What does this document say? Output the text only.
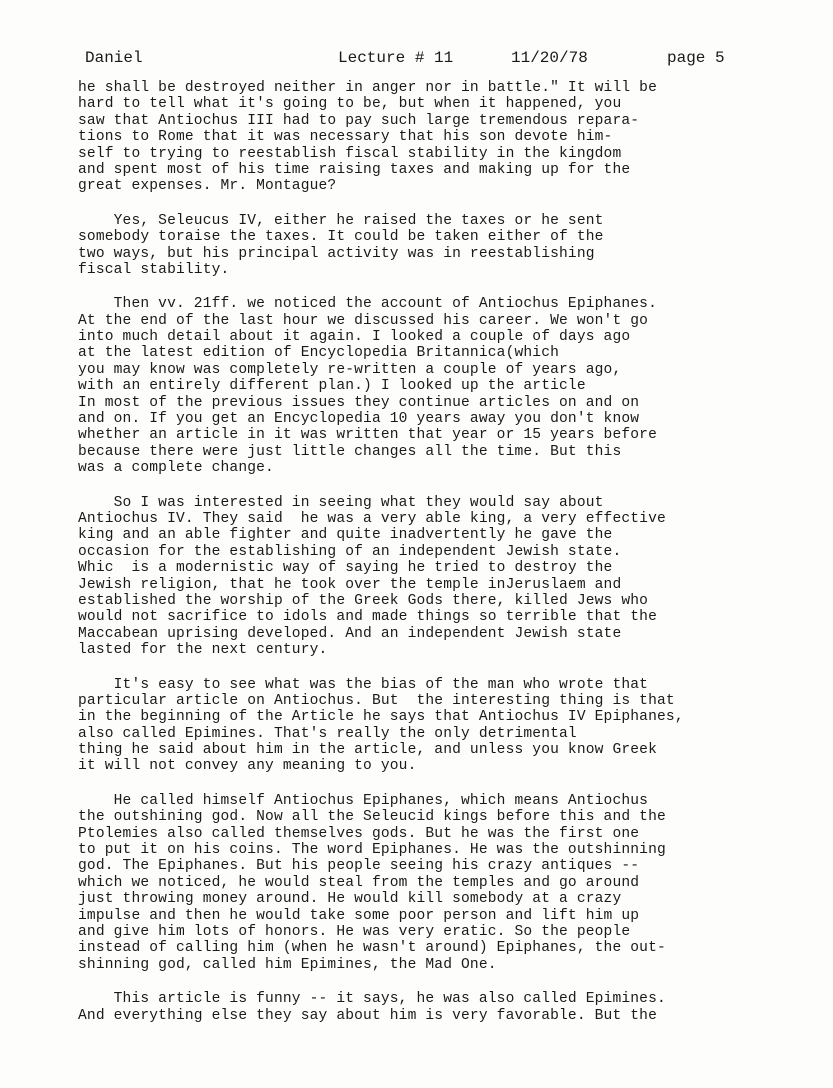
Daniel	Lecture # 11	11/20/78	page 5
he shall be destroyed neither in anger nor in battle." It will be
hard to tell what it's going to be, but when it happened, you
saw that Antiochus III had to pay such large tremendous repara-
tions to Rome that it was necessary that his son devote him-
self to trying to reestablish fiscal stability in the kingdom
and spent most of his time raising taxes and making up for the
great expenses. Mr. Montague?
Yes, Seleucus IV, either he raised the taxes or he sent
somebody toraise the taxes. It could be taken either of the
two ways, but his principal activity was in reestablishing
fiscal stability.
Then vv. 21ff. we noticed the account of Antiochus Epiphanes.
At the end of the last hour we discussed his career. We won't go
into much detail about it again. I looked a couple of days ago
at the latest edition of Encyclopedia Britannica(which
you may know was completely re-written a couple of years ago,
with an entirely different plan.) I looked up the article
In most of the previous issues they continue articles on and on
and on. If you get an Encyclopedia 10 years away you don't know
whether an article in it was written that year or 15 years before
because there were just little changes all the time. But this
was a complete change.
So I was interested in seeing what they would say about
Antiochus IV. They said  he was a very able king, a very effective
king and an able fighter and quite inadvertently he gave the
occasion for the establishing of an independent Jewish state.
Whic  is a modernistic way of saying he tried to destroy the
Jewish religion, that he took over the temple inJeruslaem and
established the worship of the Greek Gods there, killed Jews who
would not sacrifice to idols and made things so terrible that the
Maccabean uprising developed. And an independent Jewish state
lasted for the next century.
It's easy to see what was the bias of the man who wrote that
particular article on Antiochus. But  the interesting thing is that
in the beginning of the Article he says that Antiochus IV Epiphanes,
also called Epimines. That's really the only detrimental
thing he said about him in the article, and unless you know Greek
it will not convey any meaning to you.
He called himself Antiochus Epiphanes, which means Antiochus
the outshining god. Now all the Seleucid kings before this and the
Ptolemies also called themselves gods. But he was the first one
to put it on his coins. The word Epiphanes. He was the outshinning
god. The Epiphanes. But his people seeing his crazy antiques --
which we noticed, he would steal from the temples and go around
just throwing money around. He would kill somebody at a crazy
impulse and then he would take some poor person and lift him up
and give him lots of honors. He was very eratic. So the people
instead of calling him (when he wasn't around) Epiphanes, the out-
shinning god, called him Epimines, the Mad One.
This article is funny -- it says, he was also called Epimines.
And everything else they say about him is very favorable. But the
